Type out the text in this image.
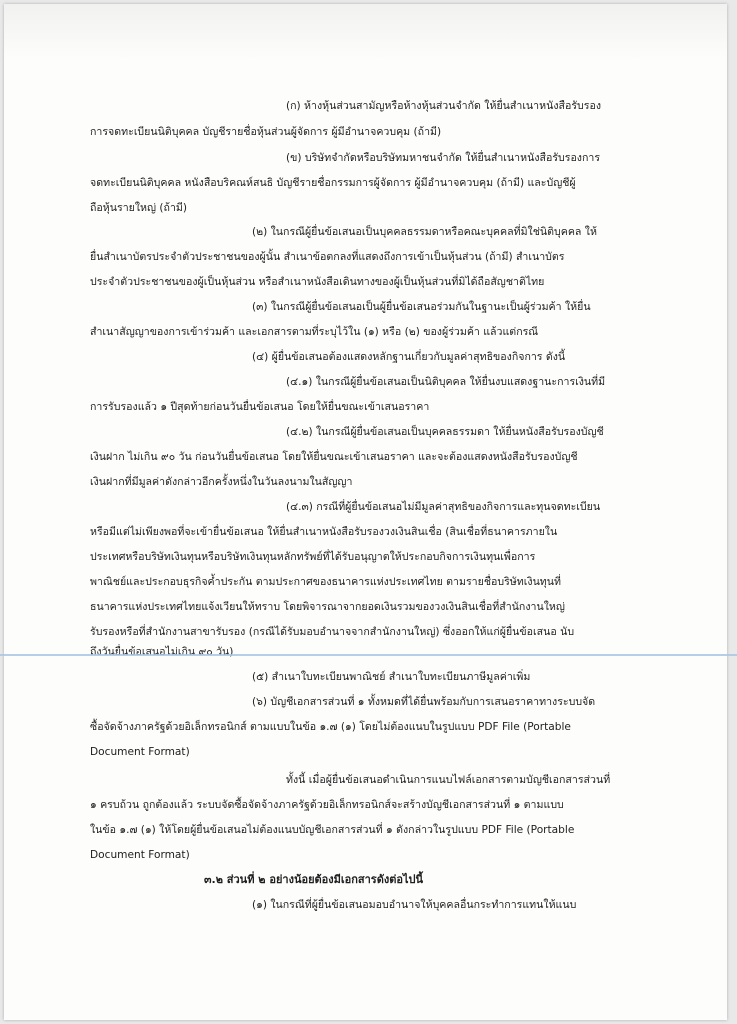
(ก) ห้างหุ้นส่วนสามัญหรือห้างหุ้นส่วนจำกัด ให้ยื่นสำเนาหนังสือรับรอง
การจดทะเบียนนิติบุคคล บัญชีรายชื่อหุ้นส่วนผู้จัดการ ผู้มีอำนาจควบคุม (ถ้ามี)
(ข) บริษัทจำกัดหรือบริษัทมหาชนจำกัด ให้ยื่นสำเนาหนังสือรับรองการ
จดทะเบียนนิติบุคคล หนังสือบริคณห์สนธิ บัญชีรายชื่อกรรมการผู้จัดการ ผู้มีอำนาจควบคุม (ถ้ามี) และบัญชีผู้
ถือหุ้นรายใหญ่ (ถ้ามี)
(๒) ในกรณีผู้ยื่นข้อเสนอเป็นบุคคลธรรมดาหรือคณะบุคคลที่มิใช่นิติบุคคล ให้
ยื่นสำเนาบัตรประจำตัวประชาชนของผู้นั้น สำเนาข้อตกลงที่แสดงถึงการเข้าเป็นหุ้นส่วน (ถ้ามี) สำเนาบัตร
ประจำตัวประชาชนของผู้เป็นหุ้นส่วน หรือสำเนาหนังสือเดินทางของผู้เป็นหุ้นส่วนที่มิได้ถือสัญชาติไทย
(๓) ในกรณีผู้ยื่นข้อเสนอเป็นผู้ยื่นข้อเสนอร่วมกันในฐานะเป็นผู้ร่วมค้า ให้ยื่น
สำเนาสัญญาของการเข้าร่วมค้า และเอกสารตามที่ระบุไว้ใน (๑) หรือ (๒) ของผู้ร่วมค้า แล้วแต่กรณี
(๔) ผู้ยื่นข้อเสนอต้องแสดงหลักฐานเกี่ยวกับมูลค่าสุทธิของกิจการ ดังนี้
(๔.๑) ในกรณีผู้ยื่นข้อเสนอเป็นนิติบุคคล ให้ยื่นงบแสดงฐานะการเงินที่มี
การรับรองแล้ว ๑ ปีสุดท้ายก่อนวันยื่นข้อเสนอ โดยให้ยื่นขณะเข้าเสนอราคา
(๔.๒) ในกรณีผู้ยื่นข้อเสนอเป็นบุคคลธรรมดา ให้ยื่นหนังสือรับรองบัญชี
เงินฝาก ไม่เกิน ๙๐ วัน ก่อนวันยื่นข้อเสนอ โดยให้ยื่นขณะเข้าเสนอราคา และจะต้องแสดงหนังสือรับรองบัญชี
เงินฝากที่มีมูลค่าดังกล่าวอีกครั้งหนึ่งในวันลงนามในสัญญา
(๔.๓) กรณีที่ผู้ยื่นข้อเสนอไม่มีมูลค่าสุทธิของกิจการและทุนจดทะเบียน
หรือมีแต่ไม่เพียงพอที่จะเข้ายื่นข้อเสนอ ให้ยื่นสำเนาหนังสือรับรองวงเงินสินเชื่อ (สินเชื่อที่ธนาคารภายใน
ประเทศหรือบริษัทเงินทุนหรือบริษัทเงินทุนหลักทรัพย์ที่ได้รับอนุญาตให้ประกอบกิจการเงินทุนเพื่อการ
พาณิชย์และประกอบธุรกิจค้ำประกัน ตามประกาศของธนาคารแห่งประเทศไทย ตามรายชื่อบริษัทเงินทุนที่
ธนาคารแห่งประเทศไทยแจ้งเวียนให้ทราบ โดยพิจารณาจากยอดเงินรวมของวงเงินสินเชื่อที่สำนักงานใหญ่
รับรองหรือที่สำนักงานสาขารับรอง (กรณีได้รับมอบอำนาจจากสำนักงานใหญ่) ซึ่งออกให้แก่ผู้ยื่นข้อเสนอ นับ
ถึงวันยื่นข้อเสนอไม่เกิน ๙๐ วัน)
(๕) สำเนาใบทะเบียนพาณิชย์ สำเนาใบทะเบียนภาษีมูลค่าเพิ่ม
(๖) บัญชีเอกสารส่วนที่ ๑ ทั้งหมดที่ได้ยื่นพร้อมกับการเสนอราคาทางระบบจัด
ซื้อจัดจ้างภาครัฐด้วยอิเล็กทรอนิกส์ ตามแบบในข้อ ๑.๗ (๑) โดยไม่ต้องแนบในรูปแบบ PDF File (Portable
Document Format)
ทั้งนี้ เมื่อผู้ยื่นข้อเสนอดำเนินการแนบไฟล์เอกสารตามบัญชีเอกสารส่วนที่
๑ ครบถ้วน ถูกต้องแล้ว ระบบจัดซื้อจัดจ้างภาครัฐด้วยอิเล็กทรอนิกส์จะสร้างบัญชีเอกสารส่วนที่ ๑ ตามแบบ
ในข้อ ๑.๗ (๑) ให้โดยผู้ยื่นข้อเสนอไม่ต้องแนบบัญชีเอกสารส่วนที่ ๑ ดังกล่าวในรูปแบบ PDF File (Portable
Document Format)
๓.๒ ส่วนที่ ๒ อย่างน้อยต้องมีเอกสารดังต่อไปนี้
(๑) ในกรณีที่ผู้ยื่นข้อเสนอมอบอำนาจให้บุคคลอื่นกระทำการแทนให้แนบ
